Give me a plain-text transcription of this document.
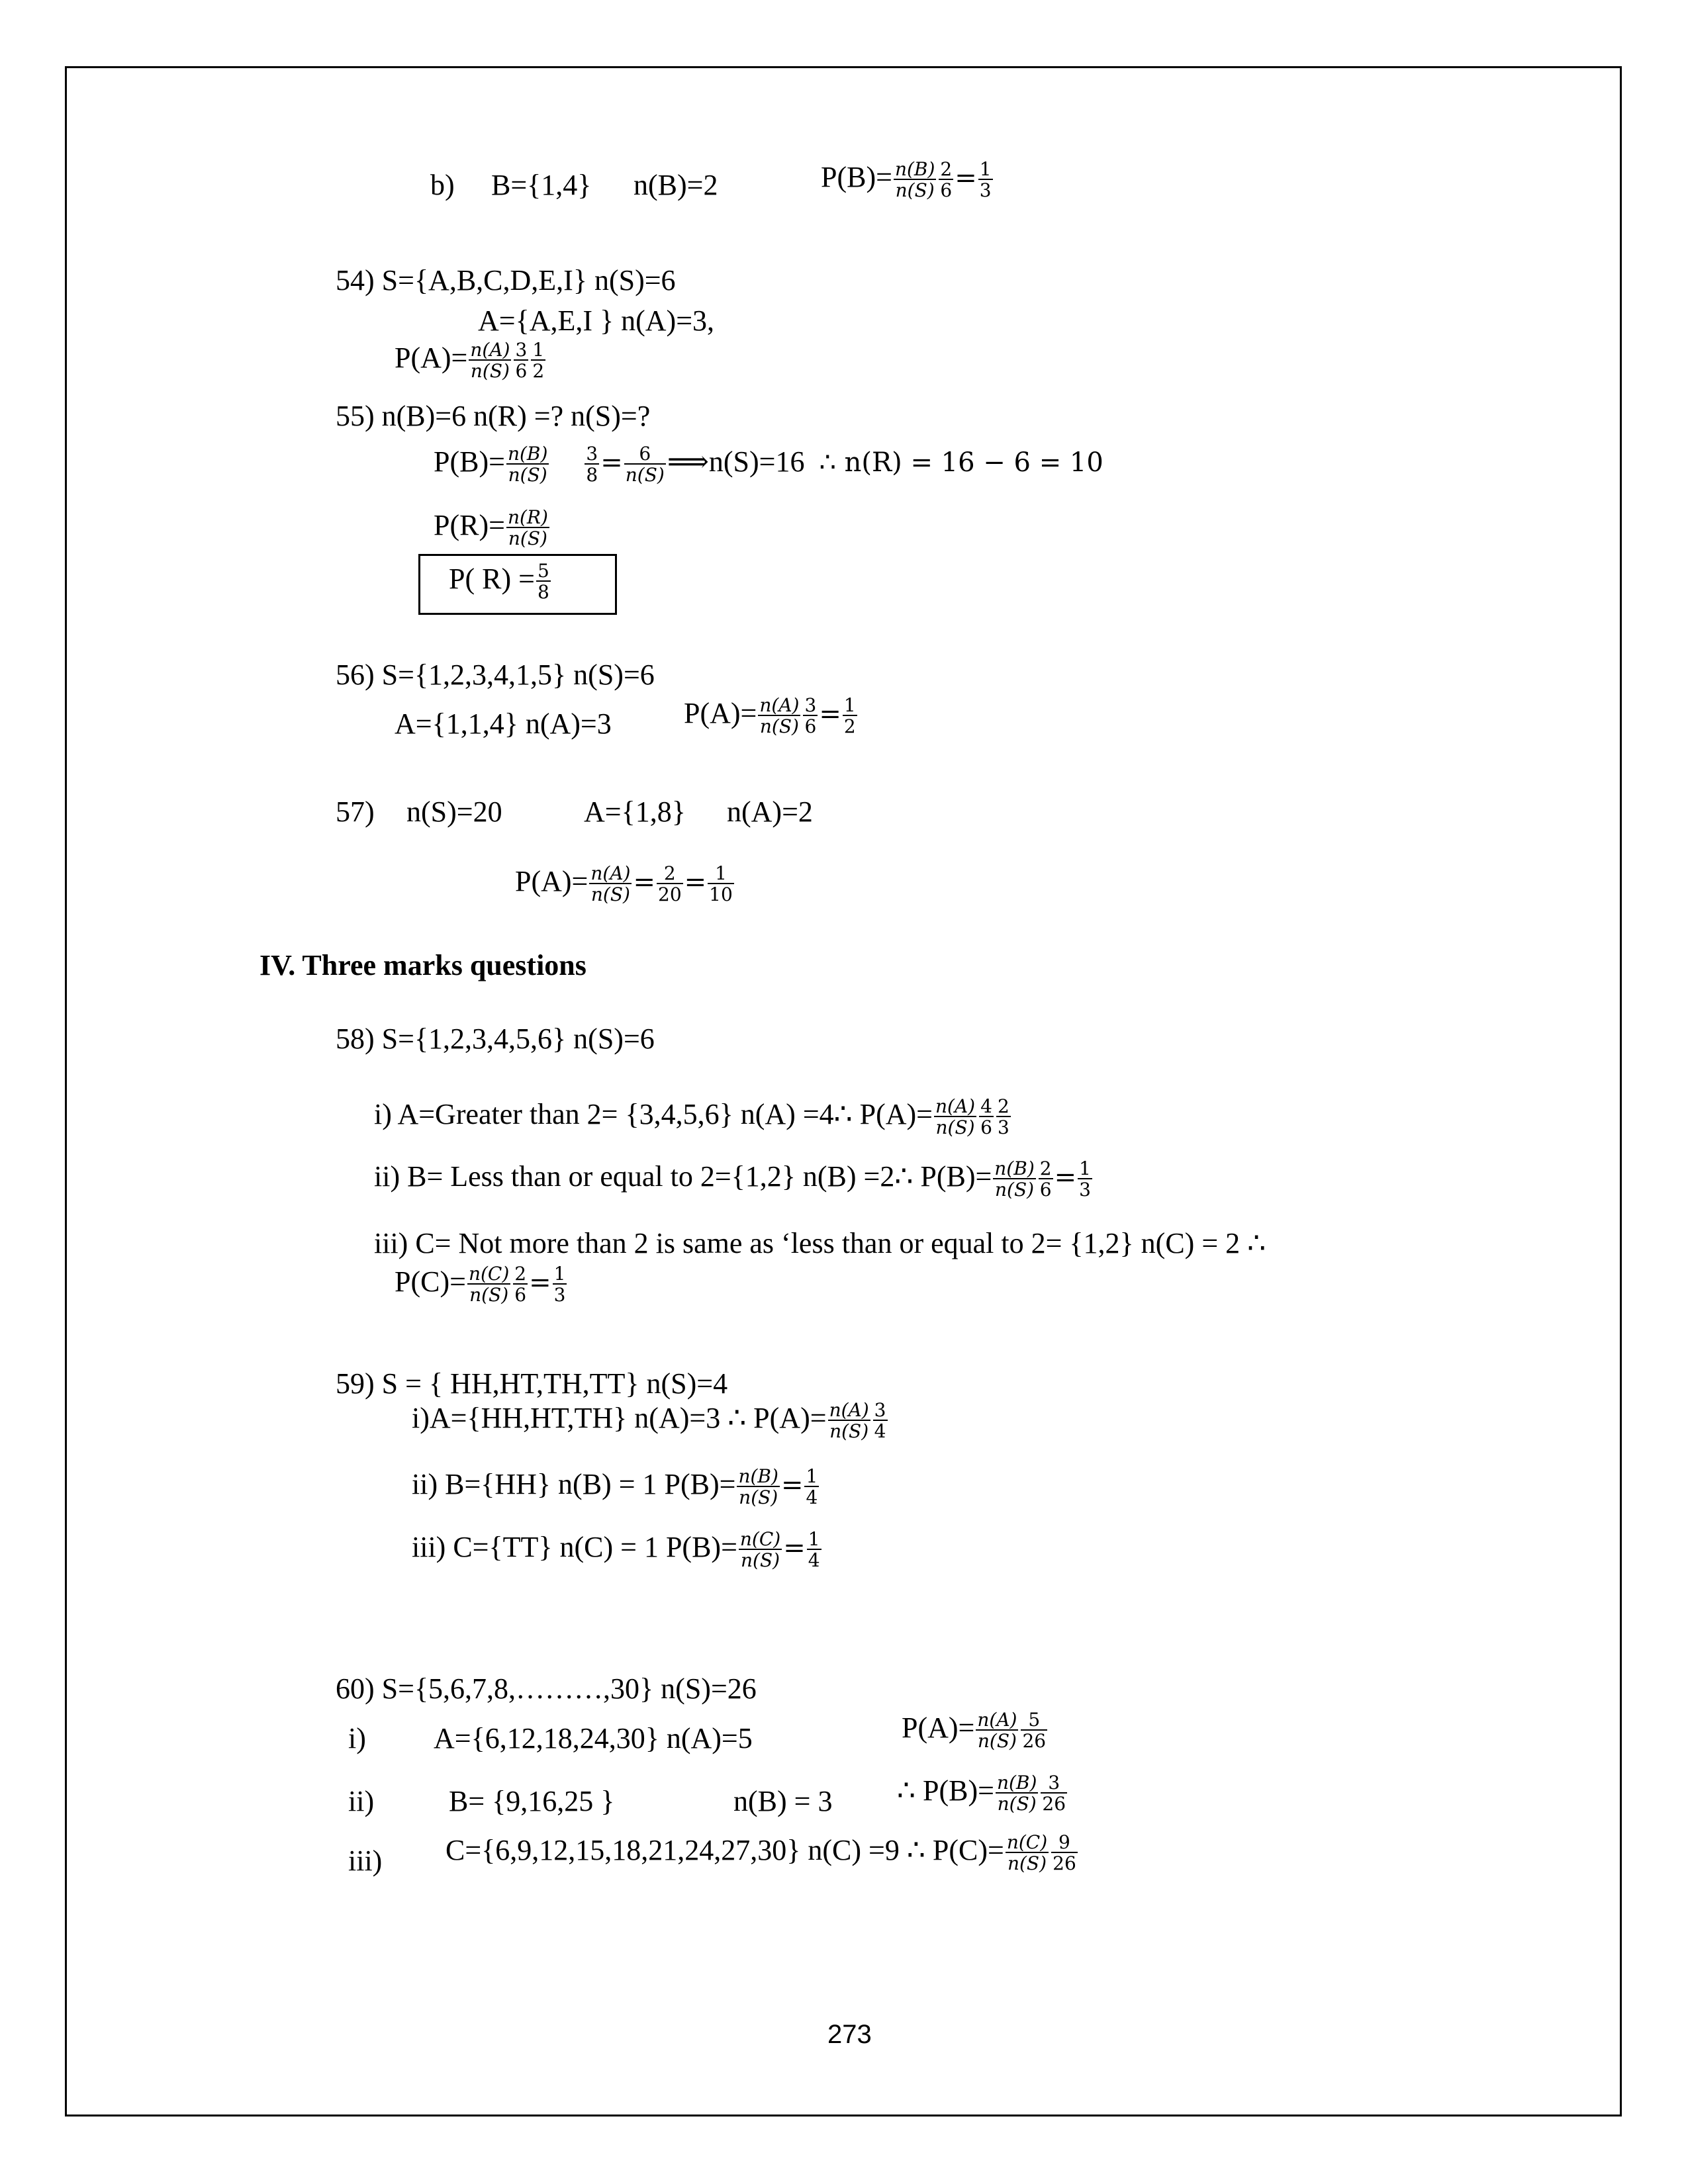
b) B={1,4} n(B)=2	$P(B)= \frac{n(B)}{n(S)} \frac{2}{6} = \frac{1}{3}$
54) S={A,B,C,D,E,I} n(S)=6
A={A,E,I } n(A)=3,
$P(A)= \frac{n(A)}{n(S)} \frac{3}{6} \frac{1}{2}$
55) n(B)=6 n(R) =? n(S)=?
$P(B)= \frac{n(B)}{n(S)} \frac{3}{8} = \frac{6}{n(S)}$ ⟹n(S)=16 ∴ n(R) = 16 − 6 = 10
$P(R)= \frac{n(R)}{n(S)}$
P( $R) = \frac{5}{8}$
56) S={1,2,3,4,1,5} n(S)=6
A={1,1,4} n(A)=3 $P(A)= \frac{n(A)}{n(S)} \frac{3}{6} = \frac{1}{2}$
57) n(S)=20	A={1,8} n(A)=2
$P(A)= \frac{n(A)}{n(S)} = \frac{2}{20} = \frac{1}{10}$
IV. Three marks questions
58) S={1,2,3,4,5,6} n(S)=6
i) A=Greater than 2= {3,4,5,6} n(A) =4∴ $P(A)= \frac{n(A)}{n(S)} \frac{4}{6} \frac{2}{3}$
ii) B= Less than or equal to 2={1,2} n(B) =2∴ $P(B)= \frac{n(B)}{n(S)} \frac{2}{6} = \frac{1}{3}$
iii) C= Not more than 2 is same as ‘less than or equal to 2= {1,2} n(C) = 2 ∴
$P(C)= \frac{n(C)}{n(S)} \frac{2}{6} = \frac{1}{3}$
59) S = { HH,HT,TH,TT} n(S)=4
i)A={HH,HT,TH} n(A)=3 ∴ $P(A)= \frac{n(A)}{n(S)} \frac{3}{4}$
ii) B={HH} n(B) = 1 $P(B)= \frac{n(B)}{n(S)} = \frac{1}{4}$
iii) C={TT} n(C) = 1 $P(B)= \frac{n(C)}{n(S)} = \frac{1}{4}$
60) S={5,6,7,8,………,30} n(S)=26
i) A={6,12,18,24,30} n(A)=5	$P(A)= \frac{n(A)}{n(S)} \frac{5}{26}$
ii)	B= {9,16,25 }	n(B) = 3 ∴ $P(B)= \frac{n(B)}{n(S)} \frac{3}{26}$
iii) C={6,9,12,15,18,21,24,27,30} n(C) =9 ∴ $P(C)= \frac{n(C)}{n(S)} \frac{9}{26}$
273
